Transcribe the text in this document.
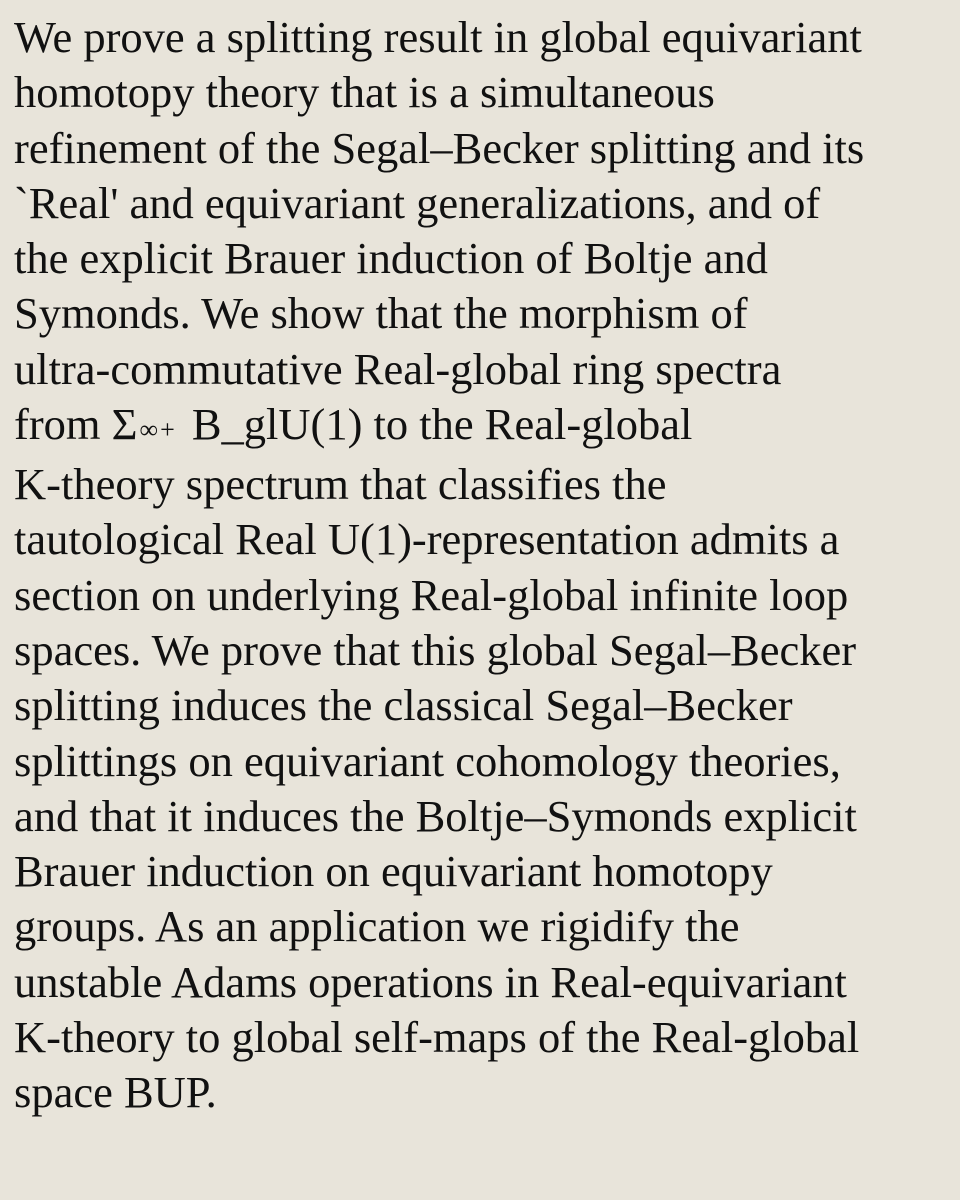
We prove a splitting result in global equivariant
homotopy theory that is a simultaneous
refinement of the Segal–Becker splitting and its
`Real' and equivariant generalizations, and of
the explicit Brauer induction of Boltje and
Symonds. We show that the morphism of
ultra-commutative Real-global ring spectra
from Σ∞+ B_glU(1) to the Real-global
K-theory spectrum that classifies the
tautological Real U(1)-representation admits a
section on underlying Real-global infinite loop
spaces. We prove that this global Segal–Becker
splitting induces the classical Segal–Becker
splittings on equivariant cohomology theories,
and that it induces the Boltje–Symonds explicit
Brauer induction on equivariant homotopy
groups. As an application we rigidify the
unstable Adams operations in Real-equivariant
K-theory to global self-maps of the Real-global
space BUP.
